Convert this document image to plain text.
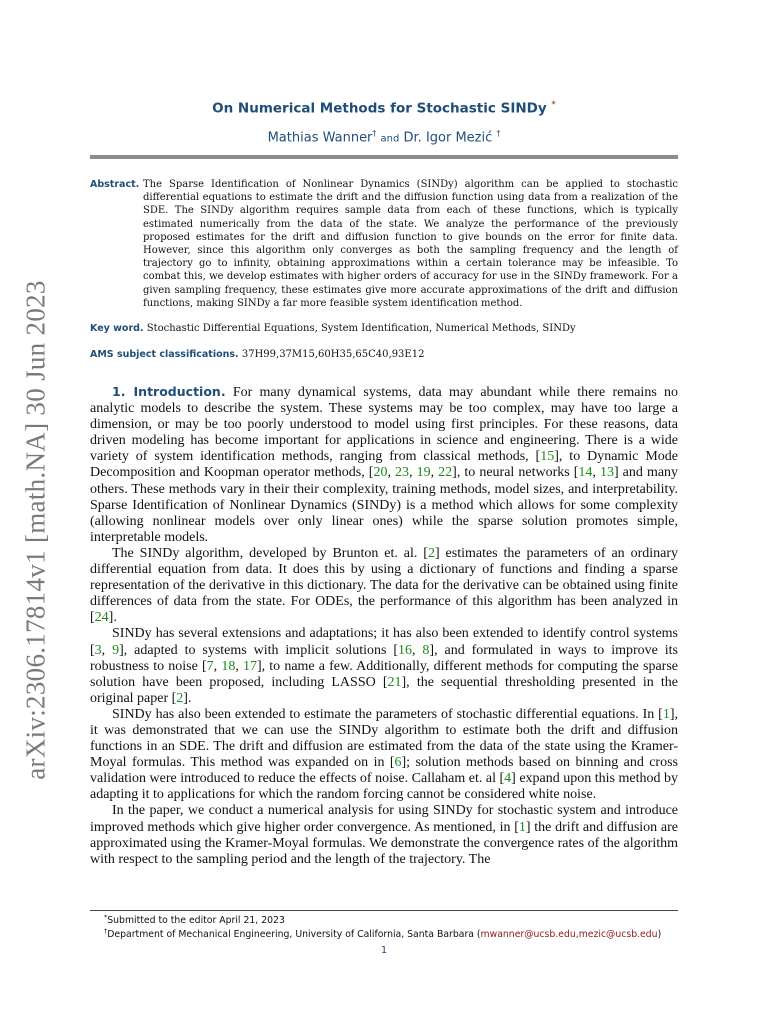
arXiv:2306.17814v1 [math.NA] 30 Jun 2023
On Numerical Methods for Stochastic SINDy *
Mathias Wanner† and Dr. Igor Mezić †
Abstract. The Sparse Identification of Nonlinear Dynamics (SINDy) algorithm can be applied to stochastic differential equations to estimate the drift and the diffusion function using data from a realization of the SDE. The SINDy algorithm requires sample data from each of these functions, which is typically estimated numerically from the data of the state. We analyze the performance of the previously proposed estimates for the drift and diffusion function to give bounds on the error for finite data. However, since this algorithm only converges as both the sampling frequency and the length of trajectory go to infinity, obtaining approximations within a certain tolerance may be infeasible. To combat this, we develop estimates with higher orders of accuracy for use in the SINDy framework. For a given sampling frequency, these estimates give more accurate approximations of the drift and diffusion functions, making SINDy a far more feasible system identification method.
Key word. Stochastic Differential Equations, System Identification, Numerical Methods, SINDy
AMS subject classifications. 37H99,37M15,60H35,65C40,93E12

1. Introduction. For many dynamical systems, data may abundant while there remains no analytic models to describe the system. These systems may be too complex, may have too large a dimension, or may be too poorly understood to model using first principles. For these reasons, data driven modeling has become important for applications in science and engineering. There is a wide variety of system identification methods, ranging from classical methods, [15], to Dynamic Mode Decomposition and Koopman operator methods, [20, 23, 19, 22], to neural networks [14, 13] and many others. These methods vary in their their complexity, training methods, model sizes, and interpretability. Sparse Identification of Nonlinear Dynamics (SINDy) is a method which allows for some complexity (allowing nonlinear models over only linear ones) while the sparse solution promotes simple, interpretable models.

The SINDy algorithm, developed by Brunton et. al. [2] estimates the parameters of an ordinary differential equation from data. It does this by using a dictionary of functions and finding a sparse representation of the derivative in this dictionary. The data for the derivative can be obtained using finite differences of data from the state. For ODEs, the performance of this algorithm has been analyzed in [24].

SINDy has several extensions and adaptations; it has also been extended to identify control systems [3, 9], adapted to systems with implicit solutions [16, 8], and formulated in ways to improve its robustness to noise [7, 18, 17], to name a few. Additionally, different methods for computing the sparse solution have been proposed, including LASSO [21], the sequential thresholding presented in the original paper [2].

SINDy has also been extended to estimate the parameters of stochastic differential equations. In [1], it was demonstrated that we can use the SINDy algorithm to estimate both the drift and diffusion functions in an SDE. The drift and diffusion are estimated from the data of the state using the Kramer-Moyal formulas. This method was expanded on in [6]; solution methods based on binning and cross validation were introduced to reduce the effects of noise. Callaham et. al [4] expand upon this method by adapting it to applications for which the random forcing cannot be considered white noise.

In the paper, we conduct a numerical analysis for using SINDy for stochastic system and introduce improved methods which give higher order convergence. As mentioned, in [1] the drift and diffusion are approximated using the Kramer-Moyal formulas. We demonstrate the convergence rates of the algorithm with respect to the sampling period and the length of the trajectory. The

*Submitted to the editor April 21, 2023
†Department of Mechanical Engineering, University of California, Santa Barbara (mwanner@ucsb.edu,mezic@ucsb.edu)
1
